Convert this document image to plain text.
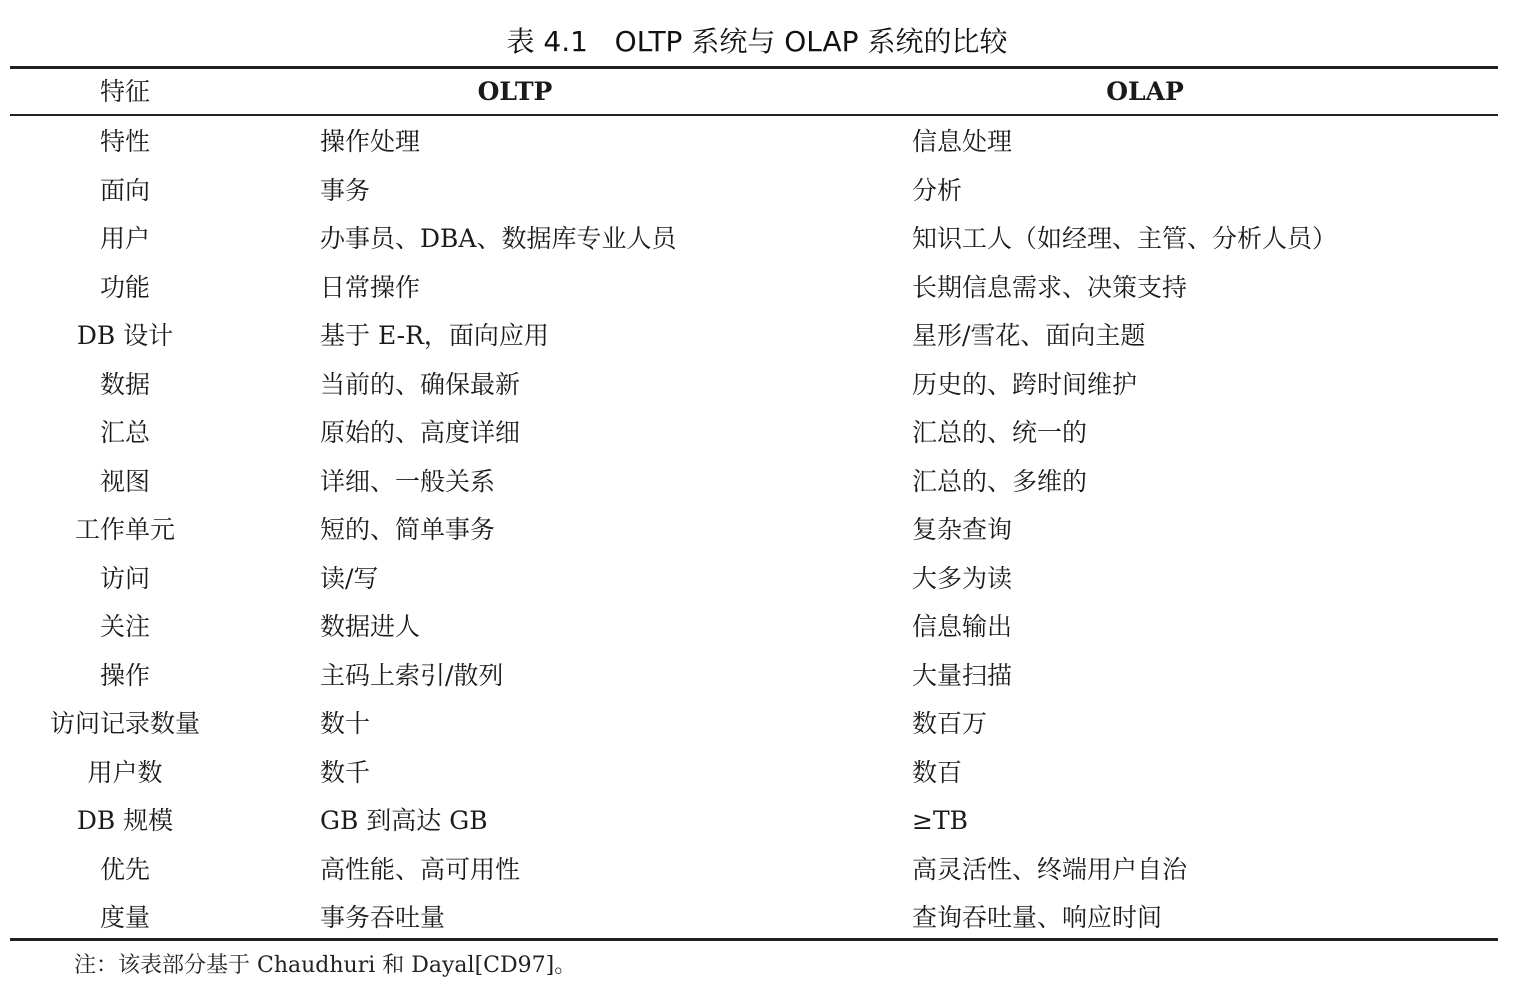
表 4.1   OLTP 系统与 OLAP 系统的比较
特征	OLTP	OLAP
特性	操作处理	信息处理
面向	事务	分析
用户	办事员、DBA、数据库专业人员	知识工人（如经理、主管、分析人员）
功能	日常操作	长期信息需求、决策支持
DB 设计	基于 E-R，面向应用	星形/雪花、面向主题
数据	当前的、确保最新	历史的、跨时间维护
汇总	原始的、高度详细	汇总的、统一的
视图	详细、一般关系	汇总的、多维的
工作单元	短的、简单事务	复杂查询
访问	读/写	大多为读
关注	数据进人	信息输出
操作	主码上索引/散列	大量扫描
访问记录数量	数十	数百万
用户数	数千	数百
DB 规模	GB 到高达 GB	≥TB
优先	高性能、高可用性	高灵活性、终端用户自治
度量	事务吞吐量	查询吞吐量、响应时间
注：该表部分基于 Chaudhuri 和 Dayal[CD97]。
